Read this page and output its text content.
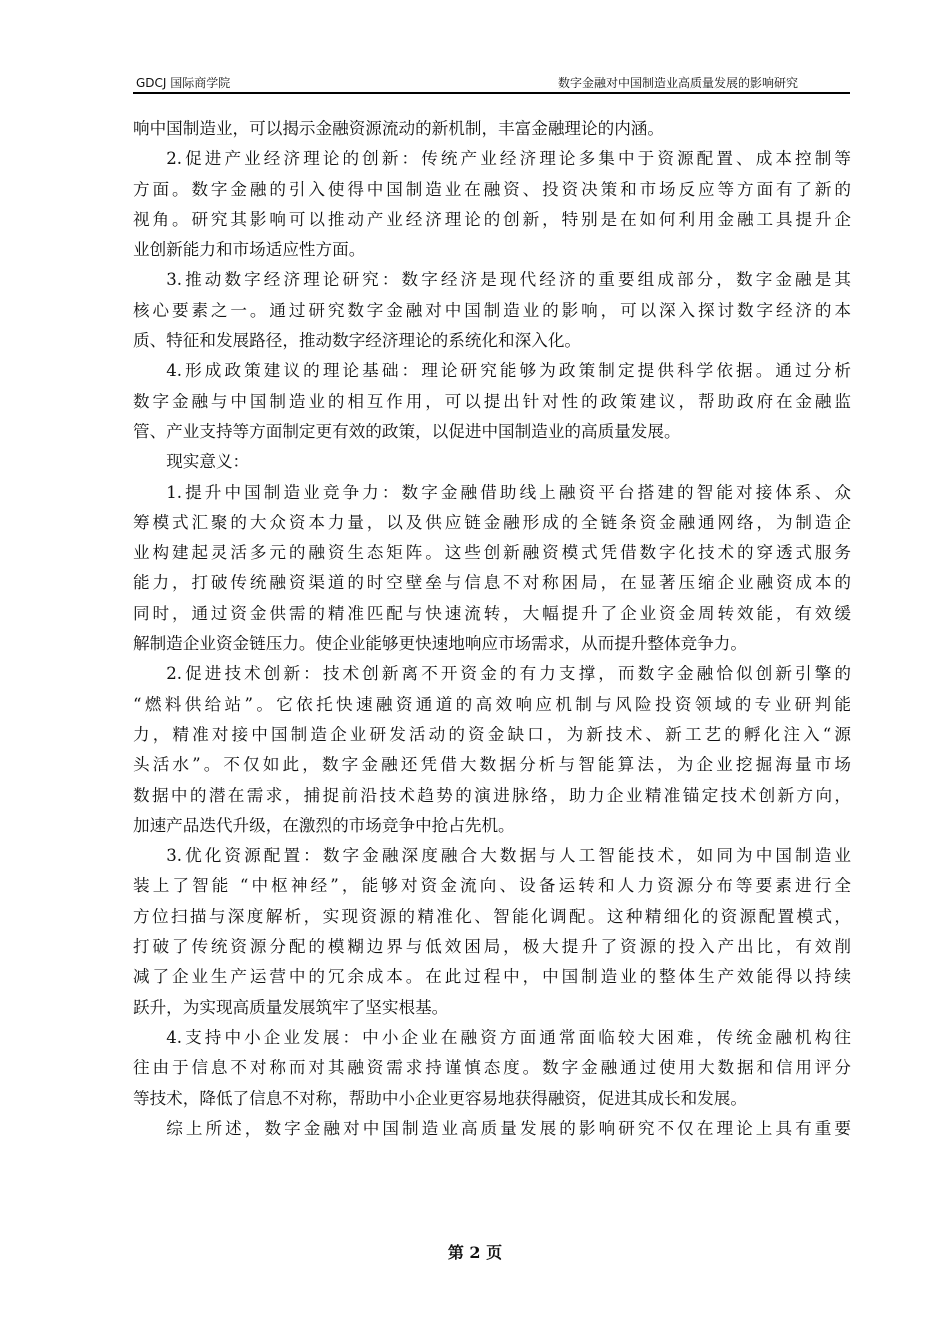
GDCJ 国际商学院	数字金融对中国制造业高质量发展的影响研究

响中国制造业，可以揭示金融资源流动的新机制，丰富金融理论的内涵。

2.促进产业经济理论的创新：传统产业经济理论多集中于资源配置、成本控制等

方面。数字金融的引入使得中国制造业在融资、投资决策和市场反应等方面有了新的

视角。研究其影响可以推动产业经济理论的创新，特别是在如何利用金融工具提升企

业创新能力和市场适应性方面。

3.推动数字经济理论研究：数字经济是现代经济的重要组成部分，数字金融是其

核心要素之一。通过研究数字金融对中国制造业的影响，可以深入探讨数字经济的本

质、特征和发展路径，推动数字经济理论的系统化和深入化。

4.形成政策建议的理论基础：理论研究能够为政策制定提供科学依据。通过分析

数字金融与中国制造业的相互作用，可以提出针对性的政策建议，帮助政府在金融监

管、产业支持等方面制定更有效的政策，以促进中国制造业的高质量发展。

现实意义：

1.提升中国制造业竞争力：数字金融借助线上融资平台搭建的智能对接体系、众

筹模式汇聚的大众资本力量，以及供应链金融形成的全链条资金融通网络，为制造企

业构建起灵活多元的融资生态矩阵。这些创新融资模式凭借数字化技术的穿透式服务

能力，打破传统融资渠道的时空壁垒与信息不对称困局，在显著压缩企业融资成本的

同时，通过资金供需的精准匹配与快速流转，大幅提升了企业资金周转效能，有效缓

解制造企业资金链压力。使企业能够更快速地响应市场需求，从而提升整体竞争力。

2.促进技术创新：技术创新离不开资金的有力支撑，而数字金融恰似创新引擎的

“燃料供给站”。它依托快速融资通道的高效响应机制与风险投资领域的专业研判能

力，精准对接中国制造企业研发活动的资金缺口，为新技术、新工艺的孵化注入“源

头活水”。不仅如此，数字金融还凭借大数据分析与智能算法，为企业挖掘海量市场

数据中的潜在需求，捕捉前沿技术趋势的演进脉络，助力企业精准锚定技术创新方向，

加速产品迭代升级，在激烈的市场竞争中抢占先机。

3.优化资源配置：数字金融深度融合大数据与人工智能技术，如同为中国制造业

装上了智能 “中枢神经”，能够对资金流向、设备运转和人力资源分布等要素进行全

方位扫描与深度解析，实现资源的精准化、智能化调配。这种精细化的资源配置模式，

打破了传统资源分配的模糊边界与低效困局，极大提升了资源的投入产出比，有效削

减了企业生产运营中的冗余成本。在此过程中，中国制造业的整体生产效能得以持续

跃升，为实现高质量发展筑牢了坚实根基。

4.支持中小企业发展：中小企业在融资方面通常面临较大困难，传统金融机构往

往由于信息不对称而对其融资需求持谨慎态度。数字金融通过使用大数据和信用评分

等技术，降低了信息不对称，帮助中小企业更容易地获得融资，促进其成长和发展。

综上所述，数字金融对中国制造业高质量发展的影响研究不仅在理论上具有重要

第 2 页
